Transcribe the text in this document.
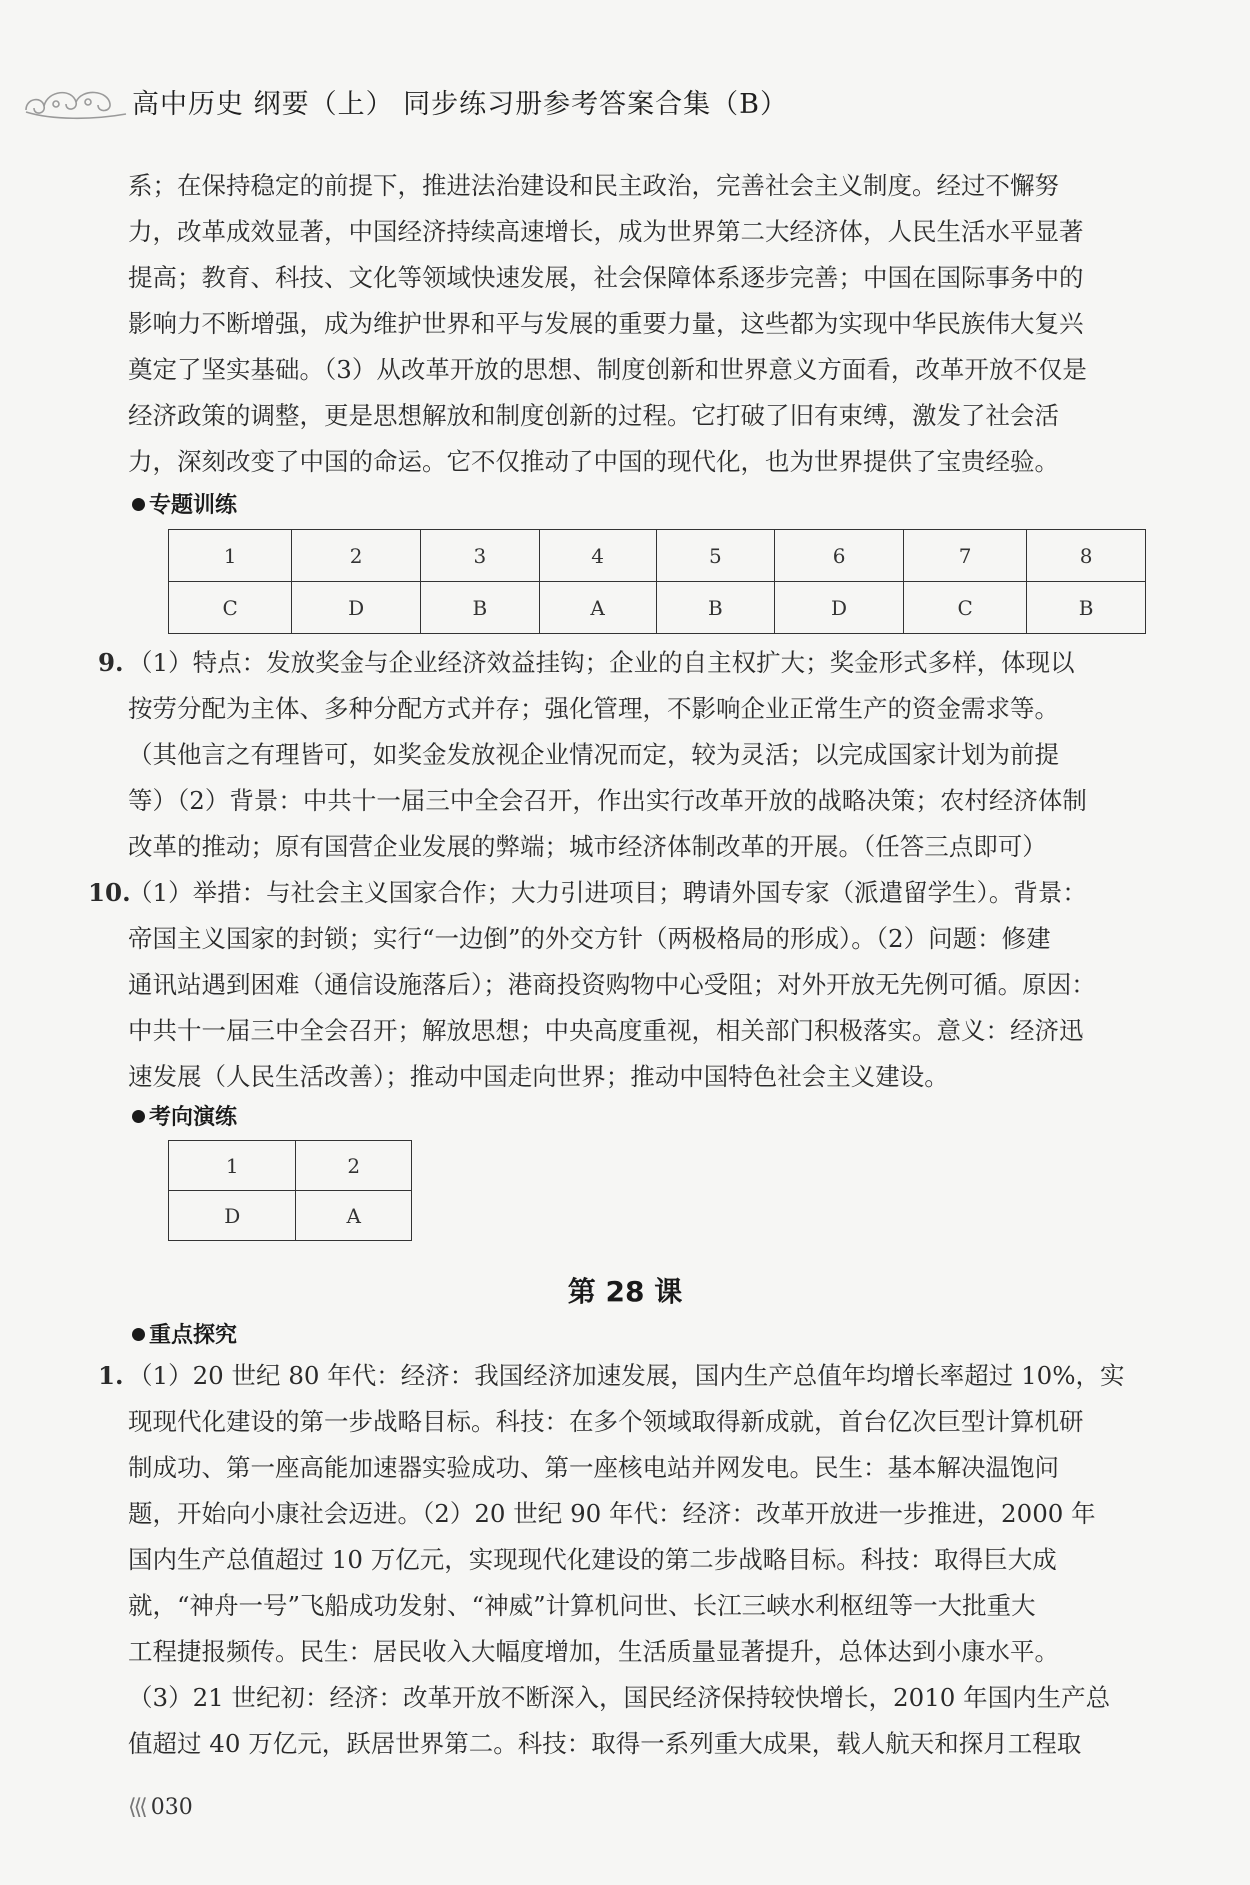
高中历史 纲要（上） 同步练习册参考答案合集（B）
系；在保持稳定的前提下，推进法治建设和民主政治，完善社会主义制度。经过不懈努
力，改革成效显著，中国经济持续高速增长，成为世界第二大经济体，人民生活水平显著
提高；教育、科技、文化等领域快速发展，社会保障体系逐步完善；中国在国际事务中的
影响力不断增强，成为维护世界和平与发展的重要力量，这些都为实现中华民族伟大复兴
奠定了坚实基础。（3）从改革开放的思想、制度创新和世界意义方面看，改革开放不仅是
经济政策的调整，更是思想解放和制度创新的过程。它打破了旧有束缚，激发了社会活
力，深刻改变了中国的命运。它不仅推动了中国的现代化，也为世界提供了宝贵经验。
专题训练
1	2	3	4	5	6	7	8
C	D	B	A	B	D	C	B
9. （1）特点：发放奖金与企业经济效益挂钩；企业的自主权扩大；奖金形式多样，体现以
按劳分配为主体、多种分配方式并存；强化管理，不影响企业正常生产的资金需求等。
（其他言之有理皆可，如奖金发放视企业情况而定，较为灵活；以完成国家计划为前提
等）（2）背景：中共十一届三中全会召开，作出实行改革开放的战略决策；农村经济体制
改革的推动；原有国营企业发展的弊端；城市经济体制改革的开展。（任答三点即可）
10.
（1）举措：与社会主义国家合作；大力引进项目；聘请外国专家（派遣留学生）。背景：
帝国主义国家的封锁；实行“一边倒”的外交方针（两极格局的形成）。（2）问题：修建
通讯站遇到困难（通信设施落后）；港商投资购物中心受阻；对外开放无先例可循。原因：
中共十一届三中全会召开；解放思想；中央高度重视，相关部门积极落实。意义：经济迅
速发展（人民生活改善）；推动中国走向世界；推动中国特色社会主义建设。
考向演练
1	2
D	A
第 28 课
重点探究
1. （1）20 世纪 80 年代：经济：我国经济加速发展，国内生产总值年均增长率超过 10%，实
现现代化建设的第一步战略目标。科技：在多个领域取得新成就，首台亿次巨型计算机研
制成功、第一座高能加速器实验成功、第一座核电站并网发电。民生：基本解决温饱问
题，开始向小康社会迈进。（2）20 世纪 90 年代：经济：改革开放进一步推进，2000 年
国内生产总值超过 10 万亿元，实现现代化建设的第二步战略目标。科技：取得巨大成
就，“神舟一号”飞船成功发射、“神威”计算机问世、长江三峡水利枢纽等一大批重大
工程捷报频传。民生：居民收入大幅度增加，生活质量显著提升，总体达到小康水平。
（3）21 世纪初：经济：改革开放不断深入，国民经济保持较快增长，2010 年国内生产总
值超过 40 万亿元，跃居世界第二。科技：取得一系列重大成果，载人航天和探月工程取
⟨⟨⟨ 030
